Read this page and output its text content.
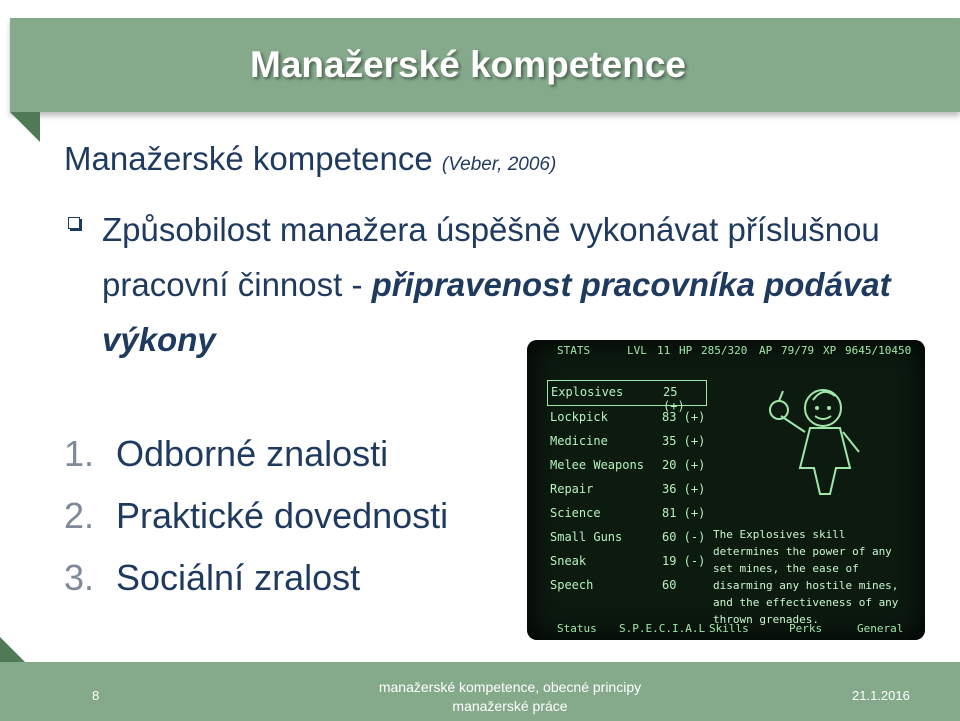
Manažerské kompetence

Manažerské kompetence (Veber, 2006)

Způsobilost manažera úspěšně vykonávat příslušnou pracovní činnost - připravenost pracovníka podávat výkony
1. Odborné znalosti
2. Praktické dovednosti
3. Sociální zralost
STATS	LVL 11 HP 285/320 AP 79/79 XP 9645/10450
Explosives	25 (+)
Lockpick	83 (+)
Medicine	35 (+)
Melee Weapons 20 (+)
Repair	36 (+)
Science	81 (+)
Small Guns	60 (-)
Sneak	19 (-)
Speech	60
The Explosives skill determines the power of any set mines, the ease of disarming any hostile mines, and the effectiveness of any thrown grenades.
Status S.P.E.C.I.A.L Skills	Perks	General
8
manažerské kompetence, obecné principy
manažerské práce
21.1.2016
